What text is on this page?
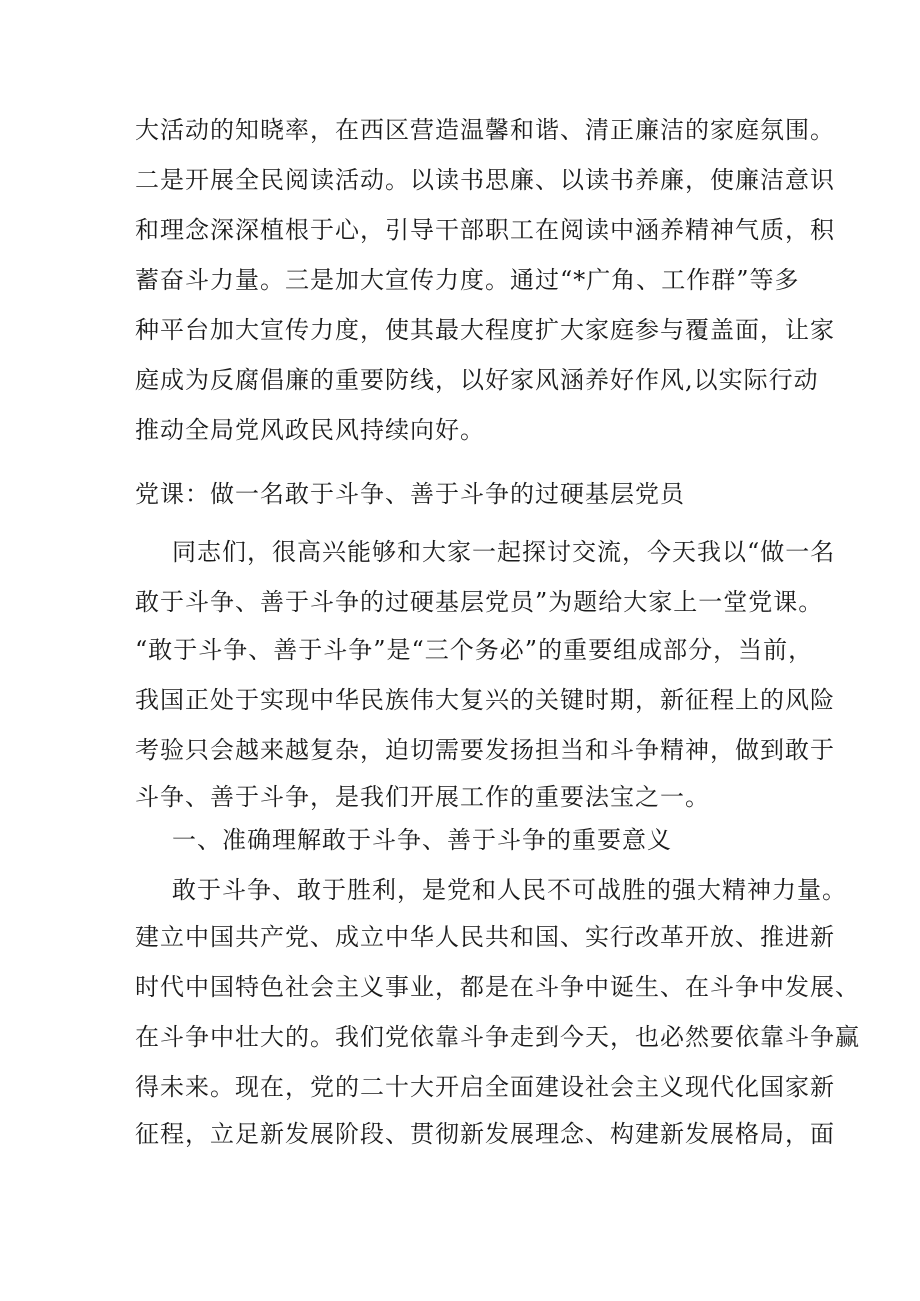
大活动的知晓率，在西区营造温馨和谐、清正廉洁的家庭氛围。
二是开展全民阅读活动。以读书思廉、以读书养廉，使廉洁意识
和理念深深植根于心，引导干部职工在阅读中涵养精神气质，积
蓄奋斗力量。三是加大宣传力度。通过“*广角、工作群”等多
种平台加大宣传力度，使其最大程度扩大家庭参与覆盖面，让家
庭成为反腐倡廉的重要防线，以好家风涵养好作风,以实际行动
推动全局党风政民风持续向好。
党课：做一名敢于斗争、善于斗争的过硬基层党员
同志们，很高兴能够和大家一起探讨交流，今天我以“做一名
敢于斗争、善于斗争的过硬基层党员”为题给大家上一堂党课。
“敢于斗争、善于斗争”是“三个务必”的重要组成部分，当前，
我国正处于实现中华民族伟大复兴的关键时期，新征程上的风险
考验只会越来越复杂，迫切需要发扬担当和斗争精神，做到敢于
斗争、善于斗争，是我们开展工作的重要法宝之一。
一、准确理解敢于斗争、善于斗争的重要意义
敢于斗争、敢于胜利，是党和人民不可战胜的强大精神力量。
建立中国共产党、成立中华人民共和国、实行改革开放、推进新
时代中国特色社会主义事业，都是在斗争中诞生、在斗争中发展、
在斗争中壮大的。我们党依靠斗争走到今天，也必然要依靠斗争赢
得未来。现在，党的二十大开启全面建设社会主义现代化国家新
征程，立足新发展阶段、贯彻新发展理念、构建新发展格局，面
